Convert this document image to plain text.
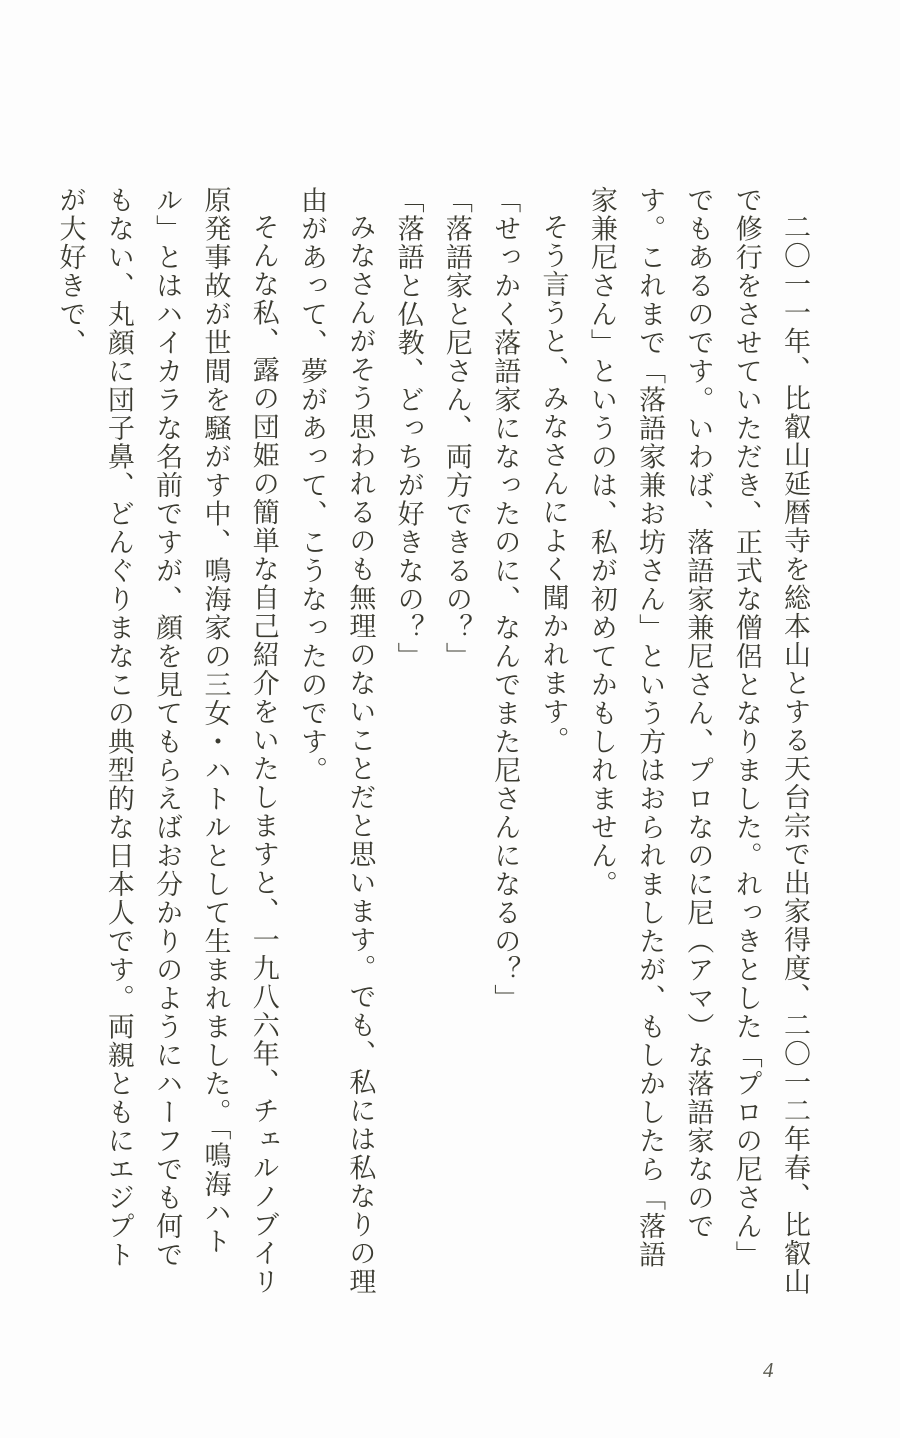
二〇一一年、比叡山延暦寺を総本山とする天台宗で出家得度、二〇一二年春、比叡山で修行をさせていただき、正式な僧侶となりました。れっきとした「プロの尼さん」でもあるのです。いわば、落語家兼尼さん、プロなのに尼（アマ）な落語家なのです。これまで「落語家兼お坊さん」という方はおられましたが、もしかしたら「落語家兼尼さん」というのは、私が初めてかもしれません。

そう言うと、みなさんによく聞かれます。

「せっかく落語家になったのに、なんでまた尼さんになるの？」

「落語家と尼さん、両方できるの？」

「落語と仏教、どっちが好きなの？」

みなさんがそう思われるのも無理のないことだと思います。でも、私には私なりの理由があって、夢があって、こうなったのです。

そんな私、露の団姫の簡単な自己紹介をいたしますと、一九八六年、チェルノブイリ原発事故が世間を騒がす中、鳴海家の三女・ハトルとして生まれました。「鳴海ハトル」とはハイカラな名前ですが、顔を見てもらえばお分かりのようにハーフでも何でもない、丸顔に団子鼻、どんぐりまなこの典型的な日本人です。両親ともにエジプトが大好きで、

4
